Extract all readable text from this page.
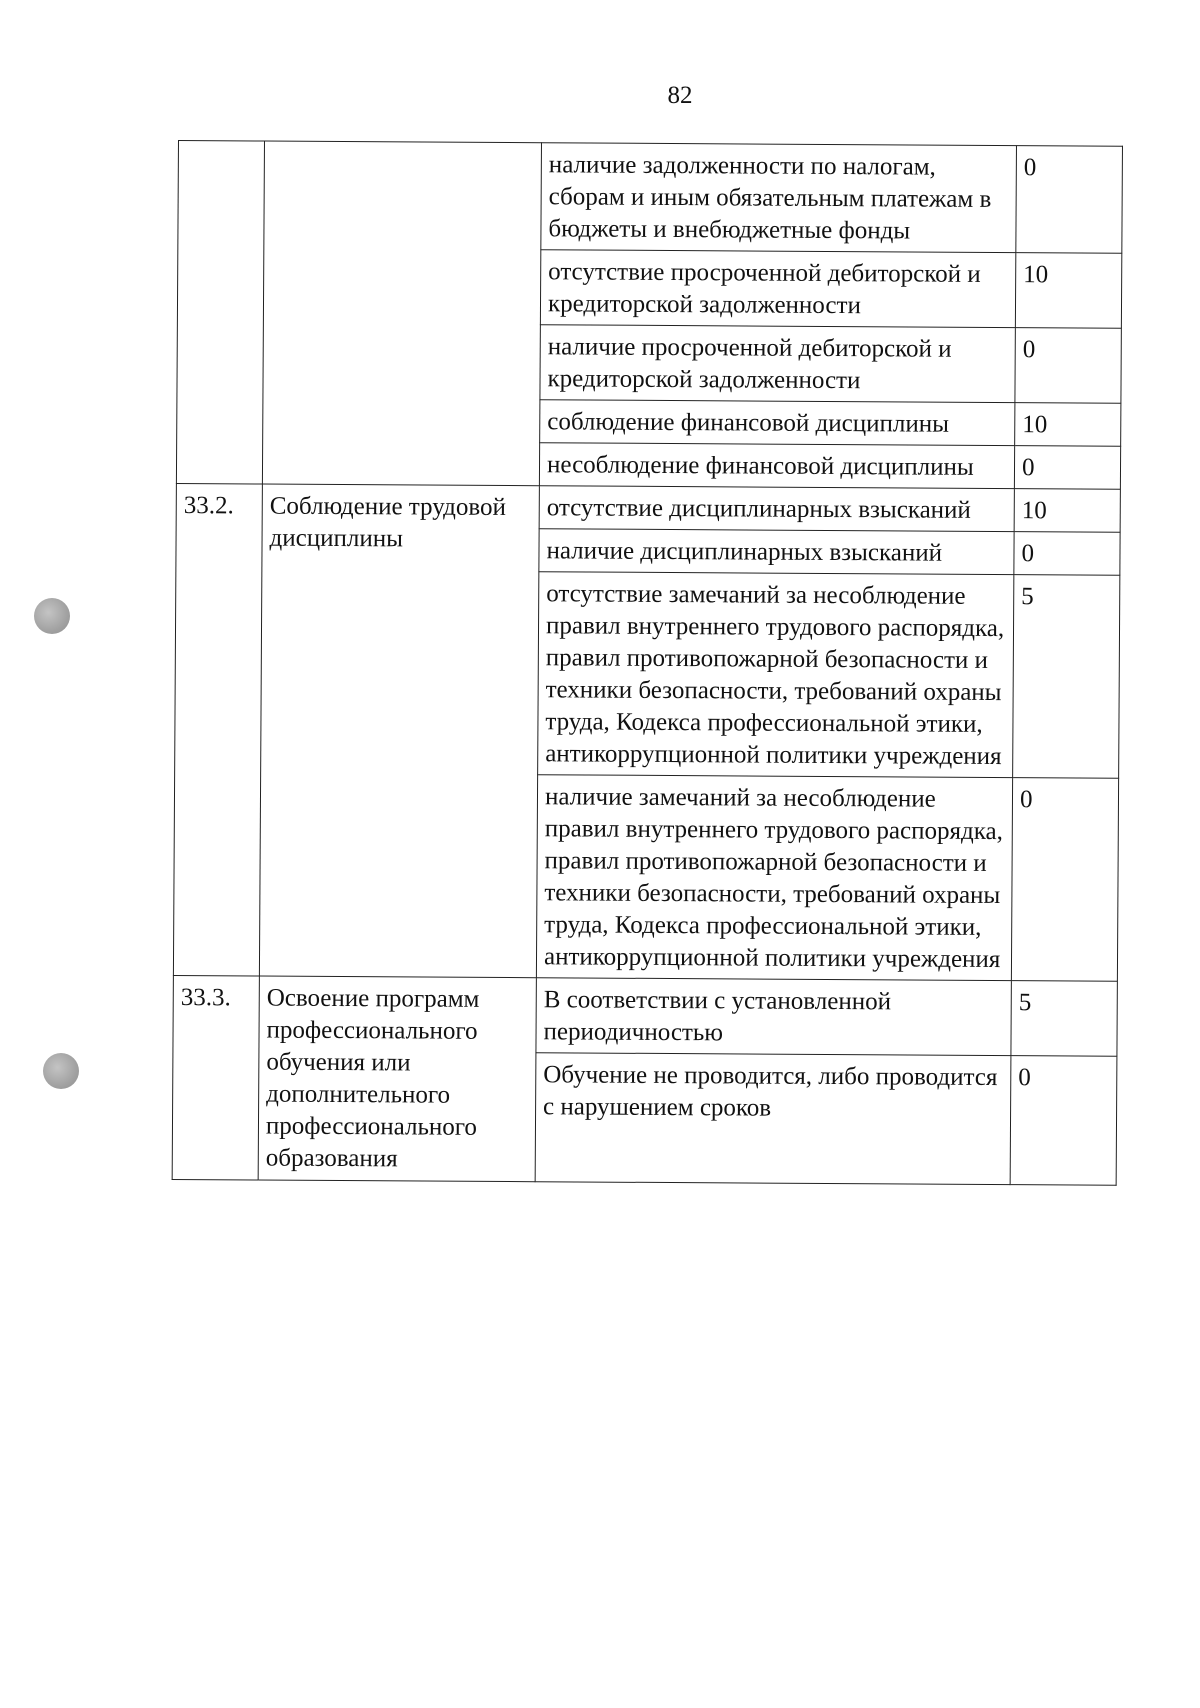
82
		наличие задолженности по налогам, сборам и иным обязательным платежам в бюджеты и внебюджетные фонды	0
		отсутствие просроченной дебиторской и кредиторской задолженности	10
		наличие просроченной дебиторской и кредиторской задолженности	0
		соблюдение финансовой дисциплины	10
		несоблюдение финансовой дисциплины	0
33.2.	Соблюдение трудовой дисциплины	отсутствие дисциплинарных взысканий	10
		наличие дисциплинарных взысканий	0
		отсутствие замечаний за несоблюдение правил внутреннего трудового распорядка, правил противопожарной безопасности и техники безопасности, требований охраны труда, Кодекса профессиональной этики, антикоррупционной политики учреждения	5
		наличие замечаний за несоблюдение правил внутреннего трудового распорядка, правил противопожарной безопасности и техники безопасности, требований охраны труда, Кодекса профессиональной этики, антикоррупционной политики учреждения	0
33.3.	Освоение программ профессионального обучения или дополнительного профессионального образования	В соответствии с установленной периодичностью	5
		Обучение не проводится, либо проводится с нарушением сроков	0
